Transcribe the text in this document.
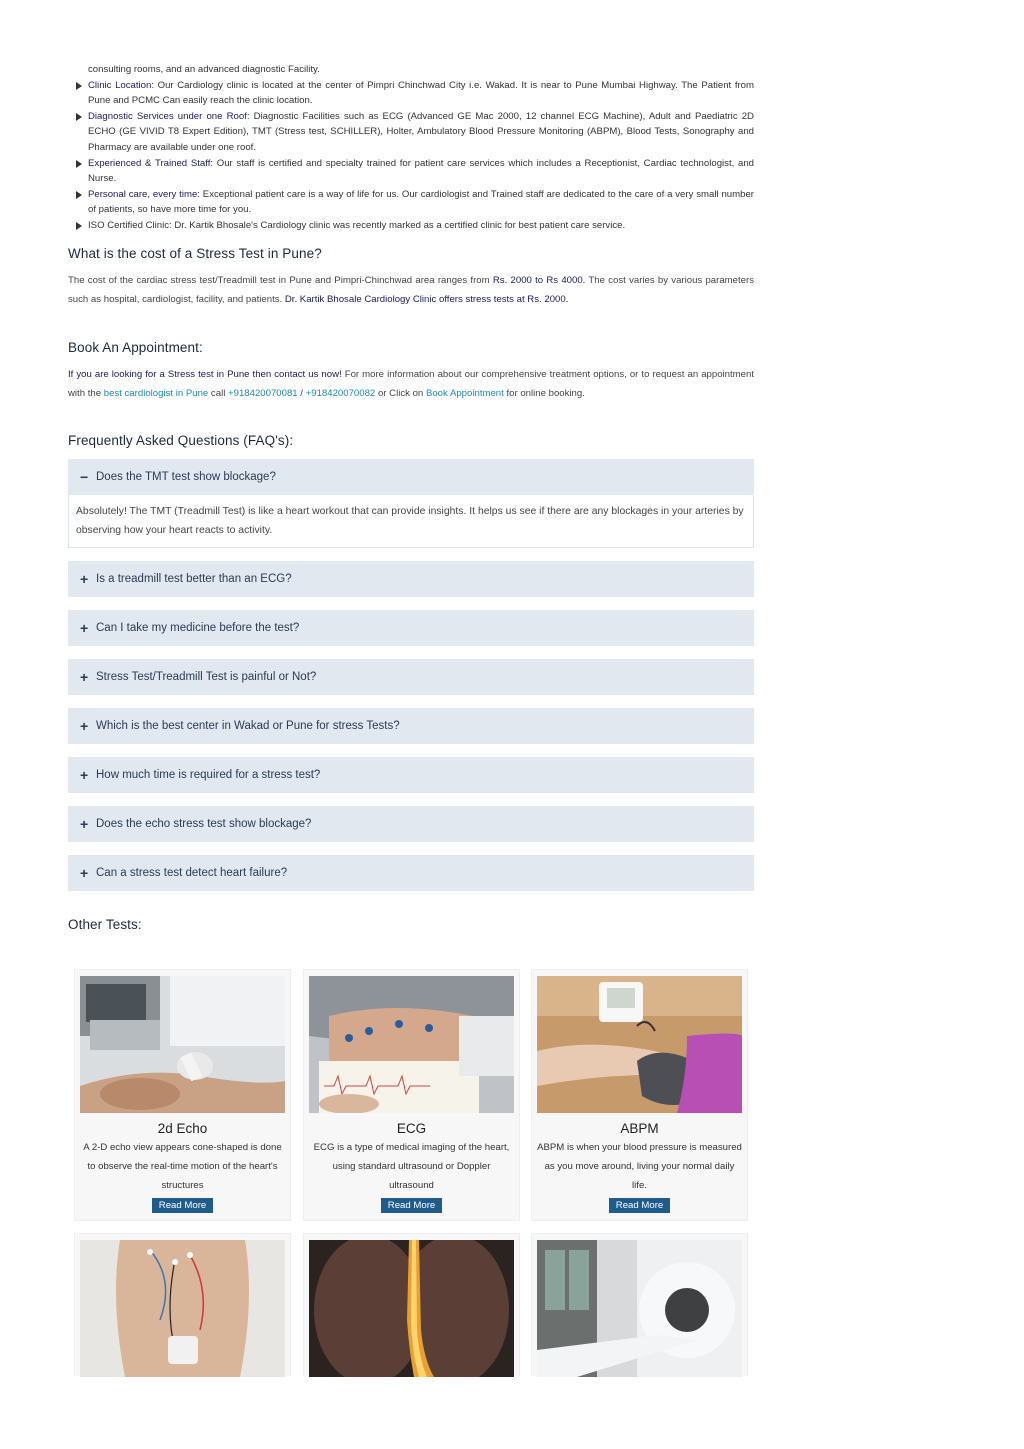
consulting rooms, and an advanced diagnostic Facility.
Clinic Location: Our Cardiology clinic is located at the center of Pimpri Chinchwad City i.e. Wakad. It is near to Pune Mumbai Highway. The Patient from Pune and PCMC Can easily reach the clinic location.
Diagnostic Services under one Roof: Diagnostic Facilities such as ECG (Advanced GE Mac 2000, 12 channel ECG Machine), Adult and Paediatric 2D ECHO (GE VIVID T8 Expert Edition), TMT (Stress test, SCHILLER), Holter, Ambulatory Blood Pressure Monitoring (ABPM), Blood Tests, Sonography and Pharmacy are available under one roof.
Experienced & Trained Staff: Our staff is certified and specialty trained for patient care services which includes a Receptionist, Cardiac technologist, and Nurse.
Personal care, every time: Exceptional patient care is a way of life for us. Our cardiologist and Trained staff are dedicated to the care of a very small number of patients, so have more time for you.
ISO Certified Clinic: Dr. Kartik Bhosale's Cardiology clinic was recently marked as a certified clinic for best patient care service.
What is the cost of a Stress Test in Pune?

The cost of the cardiac stress test/Treadmill test in Pune and Pimpri-Chinchwad area ranges from Rs. 2000 to Rs 4000. The cost varies by various parameters such as hospital, cardiologist, facility, and patients. Dr. Kartik Bhosale Cardiology Clinic offers stress tests at Rs. 2000.

Book An Appointment:

If you are looking for a Stress test in Pune then contact us now! For more information about our comprehensive treatment options, or to request an appointment with the best cardiologist in Pune call +918420070081 / +918420070082 or Click on Book Appointment for online booking.

Frequently Asked Questions (FAQ's):
− Does the TMT test show blockage?
Absolutely! The TMT (Treadmill Test) is like a heart workout that can provide insights. It helps us see if there are any blockages in your arteries by observing how your heart reacts to activity.
+ Is a treadmill test better than an ECG?
+ Can I take my medicine before the test?
+ Stress Test/Treadmill Test is painful or Not?
+ Which is the best center in Wakad or Pune for stress Tests?
+ How much time is required for a stress test?
+ Does the echo stress test show blockage?
+ Can a stress test detect heart failure?
Other Tests:
2d Echo
A 2-D echo view appears cone-shaped is done to observe the real-time motion of the heart's structures
Read More
ECG
ECG is a type of medical imaging of the heart, using standard ultrasound or Doppler ultrasound
Read More
ABPM
ABPM is when your blood pressure is measured as you move around, living your normal daily life.
Read More
